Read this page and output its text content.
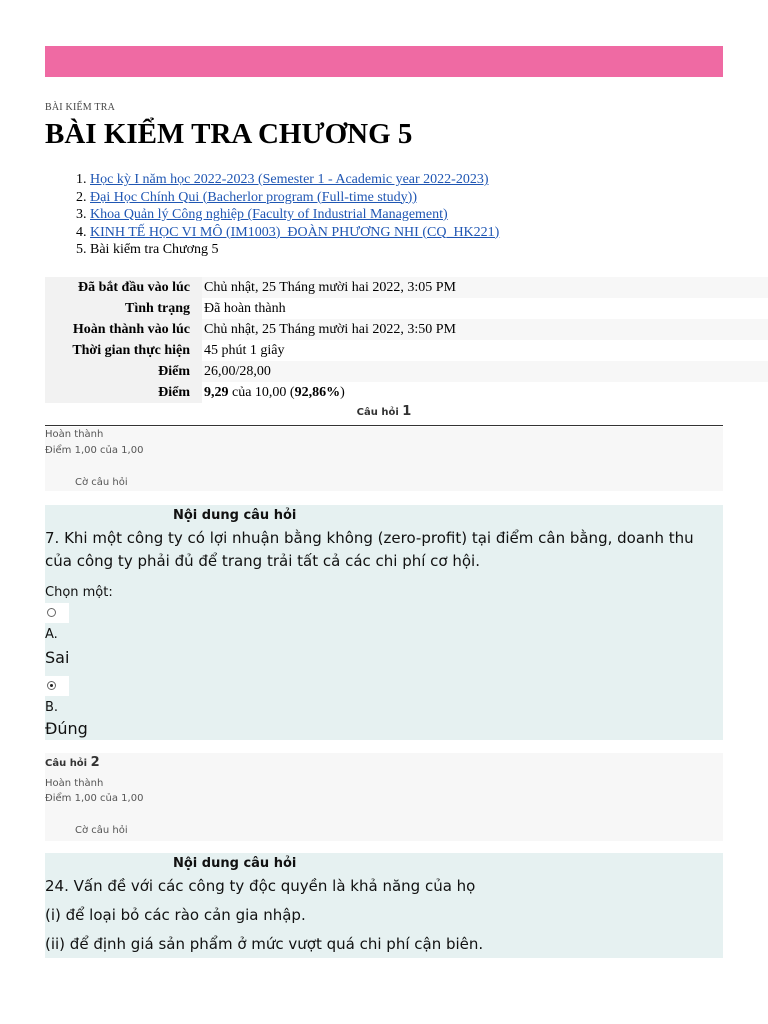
BÀI KIỂM TRA
BÀI KIỂM TRA CHƯƠNG 5
1. Học kỳ I năm học 2022-2023 (Semester 1 - Academic year 2022-2023)
2. Đại Học Chính Qui (Bacherlor program (Full-time study))
3. Khoa Quản lý Công nghiệp (Faculty of Industrial Management)
4. KINH TẾ HỌC VI MÔ (IM1003)_ĐOÀN PHƯƠNG NHI (CQ_HK221)
5. Bài kiểm tra Chương 5
Đã bắt đầu vào lúc	Chủ nhật, 25 Tháng mười hai 2022, 3:05 PM
Tình trạng	Đã hoàn thành
Hoàn thành vào lúc	Chủ nhật, 25 Tháng mười hai 2022, 3:50 PM
Thời gian thực hiện	45 phút 1 giây
Điểm	26,00/28,00
Điểm	9,29 của 10,00 (92,86%)
Câu hỏi 1
Hoàn thành
Điểm 1,00 của 1,00
Cờ câu hỏi
Nội dung câu hỏi
7. Khi một công ty có lợi nhuận bằng không (zero-profit) tại điểm cân bằng, doanh thu của công ty phải đủ để trang trải tất cả các chi phí cơ hội.
Chọn một:
A.
Sai
B.
Đúng
Câu hỏi 2
Hoàn thành
Điểm 1,00 của 1,00
Cờ câu hỏi
Nội dung câu hỏi
24. Vấn đề với các công ty độc quyền là khả năng của họ
(i) để loại bỏ các rào cản gia nhập.
(ii) để định giá sản phẩm ở mức vượt quá chi phí cận biên.
